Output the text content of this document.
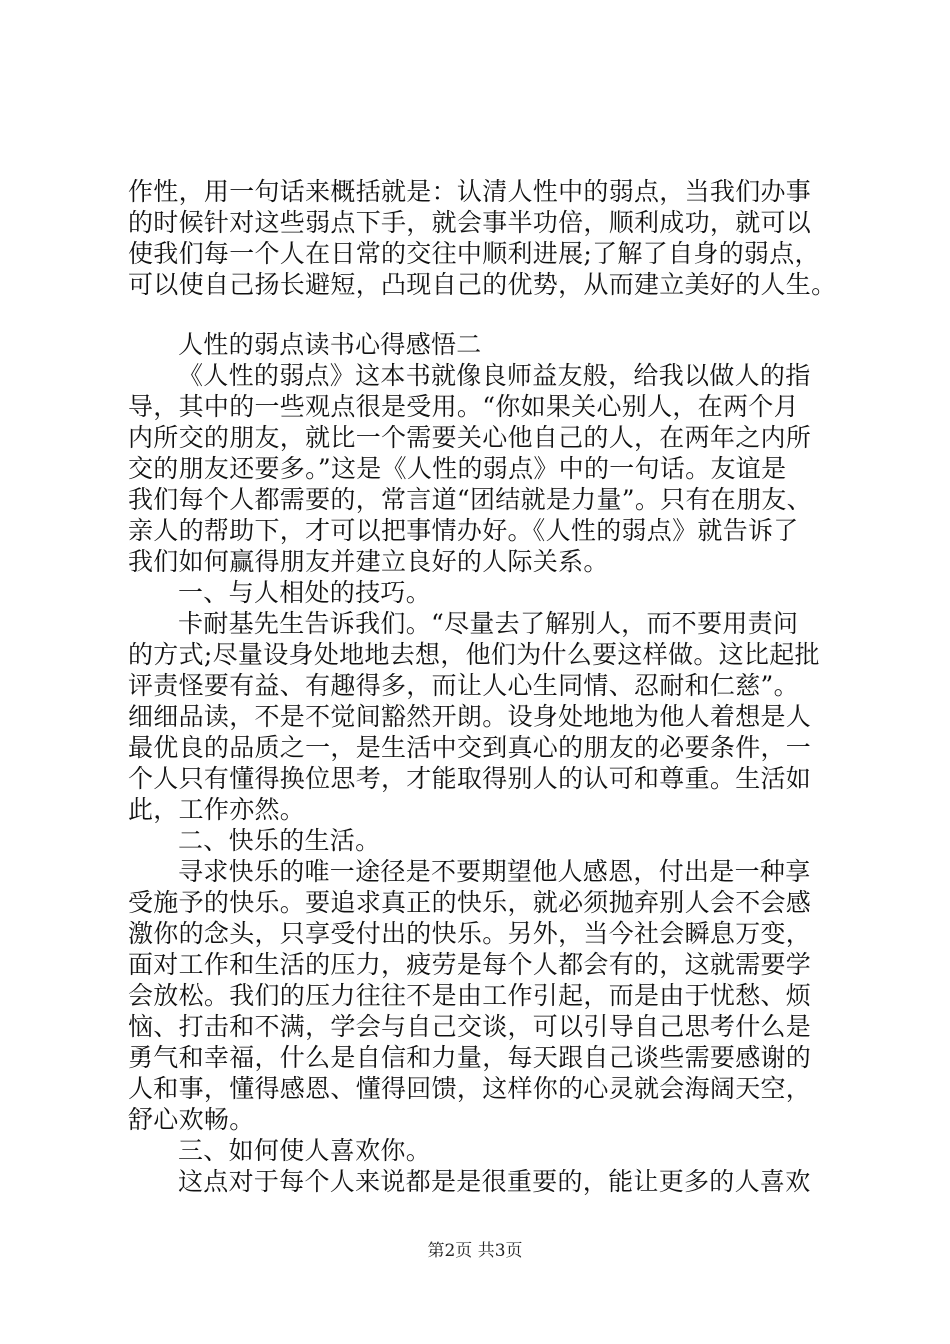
作性，用一句话来概括就是：认清人性中的弱点，当我们办事
的时候针对这些弱点下手，就会事半功倍，顺利成功，就可以
使我们每一个人在日常的交往中顺利进展;了解了自身的弱点，
可以使自己扬长避短，凸现自己的优势，从而建立美好的人生。
人性的弱点读书心得感悟二
《人性的弱点》这本书就像良师益友般，给我以做人的指
导，其中的一些观点很是受用。“你如果关心别人，在两个月
内所交的朋友，就比一个需要关心他自己的人，在两年之内所
交的朋友还要多。”这是《人性的弱点》中的一句话。友谊是
我们每个人都需要的，常言道“团结就是力量”。只有在朋友、
亲人的帮助下，才可以把事情办好。《人性的弱点》就告诉了
我们如何赢得朋友并建立良好的人际关系。
一、与人相处的技巧。
卡耐基先生告诉我们。“尽量去了解别人，而不要用责问
的方式;尽量设身处地地去想，他们为什么要这样做。这比起批
评责怪要有益、有趣得多，而让人心生同情、忍耐和仁慈”。
细细品读，不是不觉间豁然开朗。设身处地地为他人着想是人
最优良的品质之一，是生活中交到真心的朋友的必要条件，一
个人只有懂得换位思考，才能取得别人的认可和尊重。生活如
此，工作亦然。
二、快乐的生活。
寻求快乐的唯一途径是不要期望他人感恩，付出是一种享
受施予的快乐。要追求真正的快乐，就必须抛弃别人会不会感
激你的念头，只享受付出的快乐。另外，当今社会瞬息万变，
面对工作和生活的压力，疲劳是每个人都会有的，这就需要学
会放松。我们的压力往往不是由工作引起，而是由于忧愁、烦
恼、打击和不满，学会与自己交谈，可以引导自己思考什么是
勇气和幸福，什么是自信和力量，每天跟自己谈些需要感谢的
人和事，懂得感恩、懂得回馈，这样你的心灵就会海阔天空，
舒心欢畅。
三、如何使人喜欢你。
这点对于每个人来说都是是很重要的，能让更多的人喜欢
第2页 共3页
